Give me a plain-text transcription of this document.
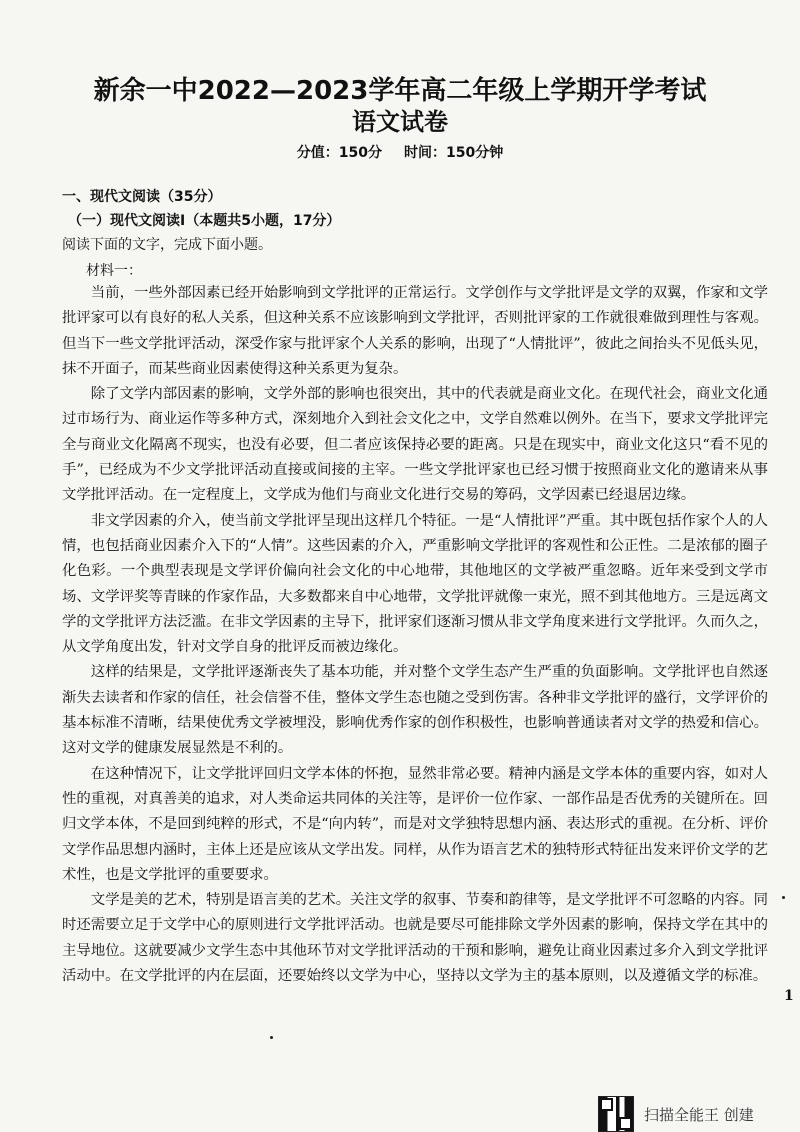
新余一中2022—2023学年高二年级上学期开学考试
语文试卷
分值：150分 时间：150分钟
一、现代文阅读（35分）
（一）现代文阅读Ⅰ（本题共5小题，17分）
阅读下面的文字，完成下面小题。
材料一：

当前，一些外部因素已经开始影响到文学批评的正常运行。文学创作与文学批评是文学的双翼，作家和文学批评家可以有良好的私人关系，但这种关系不应该影响到文学批评，否则批评家的工作就很难做到理性与客观。但当下一些文学批评活动，深受作家与批评家个人关系的影响，出现了“人情批评”，彼此之间抬头不见低头见，抹不开面子，而某些商业因素使得这种关系更为复杂。

除了文学内部因素的影响，文学外部的影响也很突出，其中的代表就是商业文化。在现代社会，商业文化通过市场行为、商业运作等多种方式，深刻地介入到社会文化之中，文学自然难以例外。在当下，要求文学批评完全与商业文化隔离不现实，也没有必要，但二者应该保持必要的距离。只是在现实中，商业文化这只“看不见的手”，已经成为不少文学批评活动直接或间接的主宰。一些文学批评家也已经习惯于按照商业文化的邀请来从事文学批评活动。在一定程度上，文学成为他们与商业文化进行交易的筹码，文学因素已经退居边缘。

非文学因素的介入，使当前文学批评呈现出这样几个特征。一是“人情批评”严重。其中既包括作家个人的人情，也包括商业因素介入下的“人情”。这些因素的介入，严重影响文学批评的客观性和公正性。二是浓郁的圈子化色彩。一个典型表现是文学评价偏向社会文化的中心地带，其他地区的文学被严重忽略。近年来受到文学市场、文学评奖等青睐的作家作品，大多数都来自中心地带，文学批评就像一束光，照不到其他地方。三是远离文学的文学批评方法泛滥。在非文学因素的主导下，批评家们逐渐习惯从非文学角度来进行文学批评。久而久之，从文学角度出发，针对文学自身的批评反而被边缘化。

这样的结果是，文学批评逐渐丧失了基本功能，并对整个文学生态产生严重的负面影响。文学批评也自然逐渐失去读者和作家的信任，社会信誉不佳，整体文学生态也随之受到伤害。各种非文学批评的盛行，文学评价的基本标准不清晰，结果使优秀文学被埋没，影响优秀作家的创作积极性，也影响普通读者对文学的热爱和信心。这对文学的健康发展显然是不利的。

在这种情况下，让文学批评回归文学本体的怀抱，显然非常必要。精神内涵是文学本体的重要内容，如对人性的重视，对真善美的追求，对人类命运共同体的关注等，是评价一位作家、一部作品是否优秀的关键所在。回归文学本体，不是回到纯粹的形式，不是“向内转”，而是对文学独特思想内涵、表达形式的重视。在分析、评价文学作品思想内涵时，主体上还是应该从文学出发。同样，从作为语言艺术的独特形式特征出发来评价文学的艺术性，也是文学批评的重要要求。

文学是美的艺术，特别是语言美的艺术。关注文学的叙事、节奏和韵律等，是文学批评不可忽略的内容。同时还需要立足于文学中心的原则进行文学批评活动。也就是要尽可能排除文学外因素的影响，保持文学在其中的主导地位。这就要减少文学生态中其他环节对文学批评活动的干预和影响，避免让商业因素过多介入到文学批评活动中。在文学批评的内在层面，还要始终以文学为中心，坚持以文学为主的基本原则，以及遵循文学的标准。

1
扫描全能王 创建
